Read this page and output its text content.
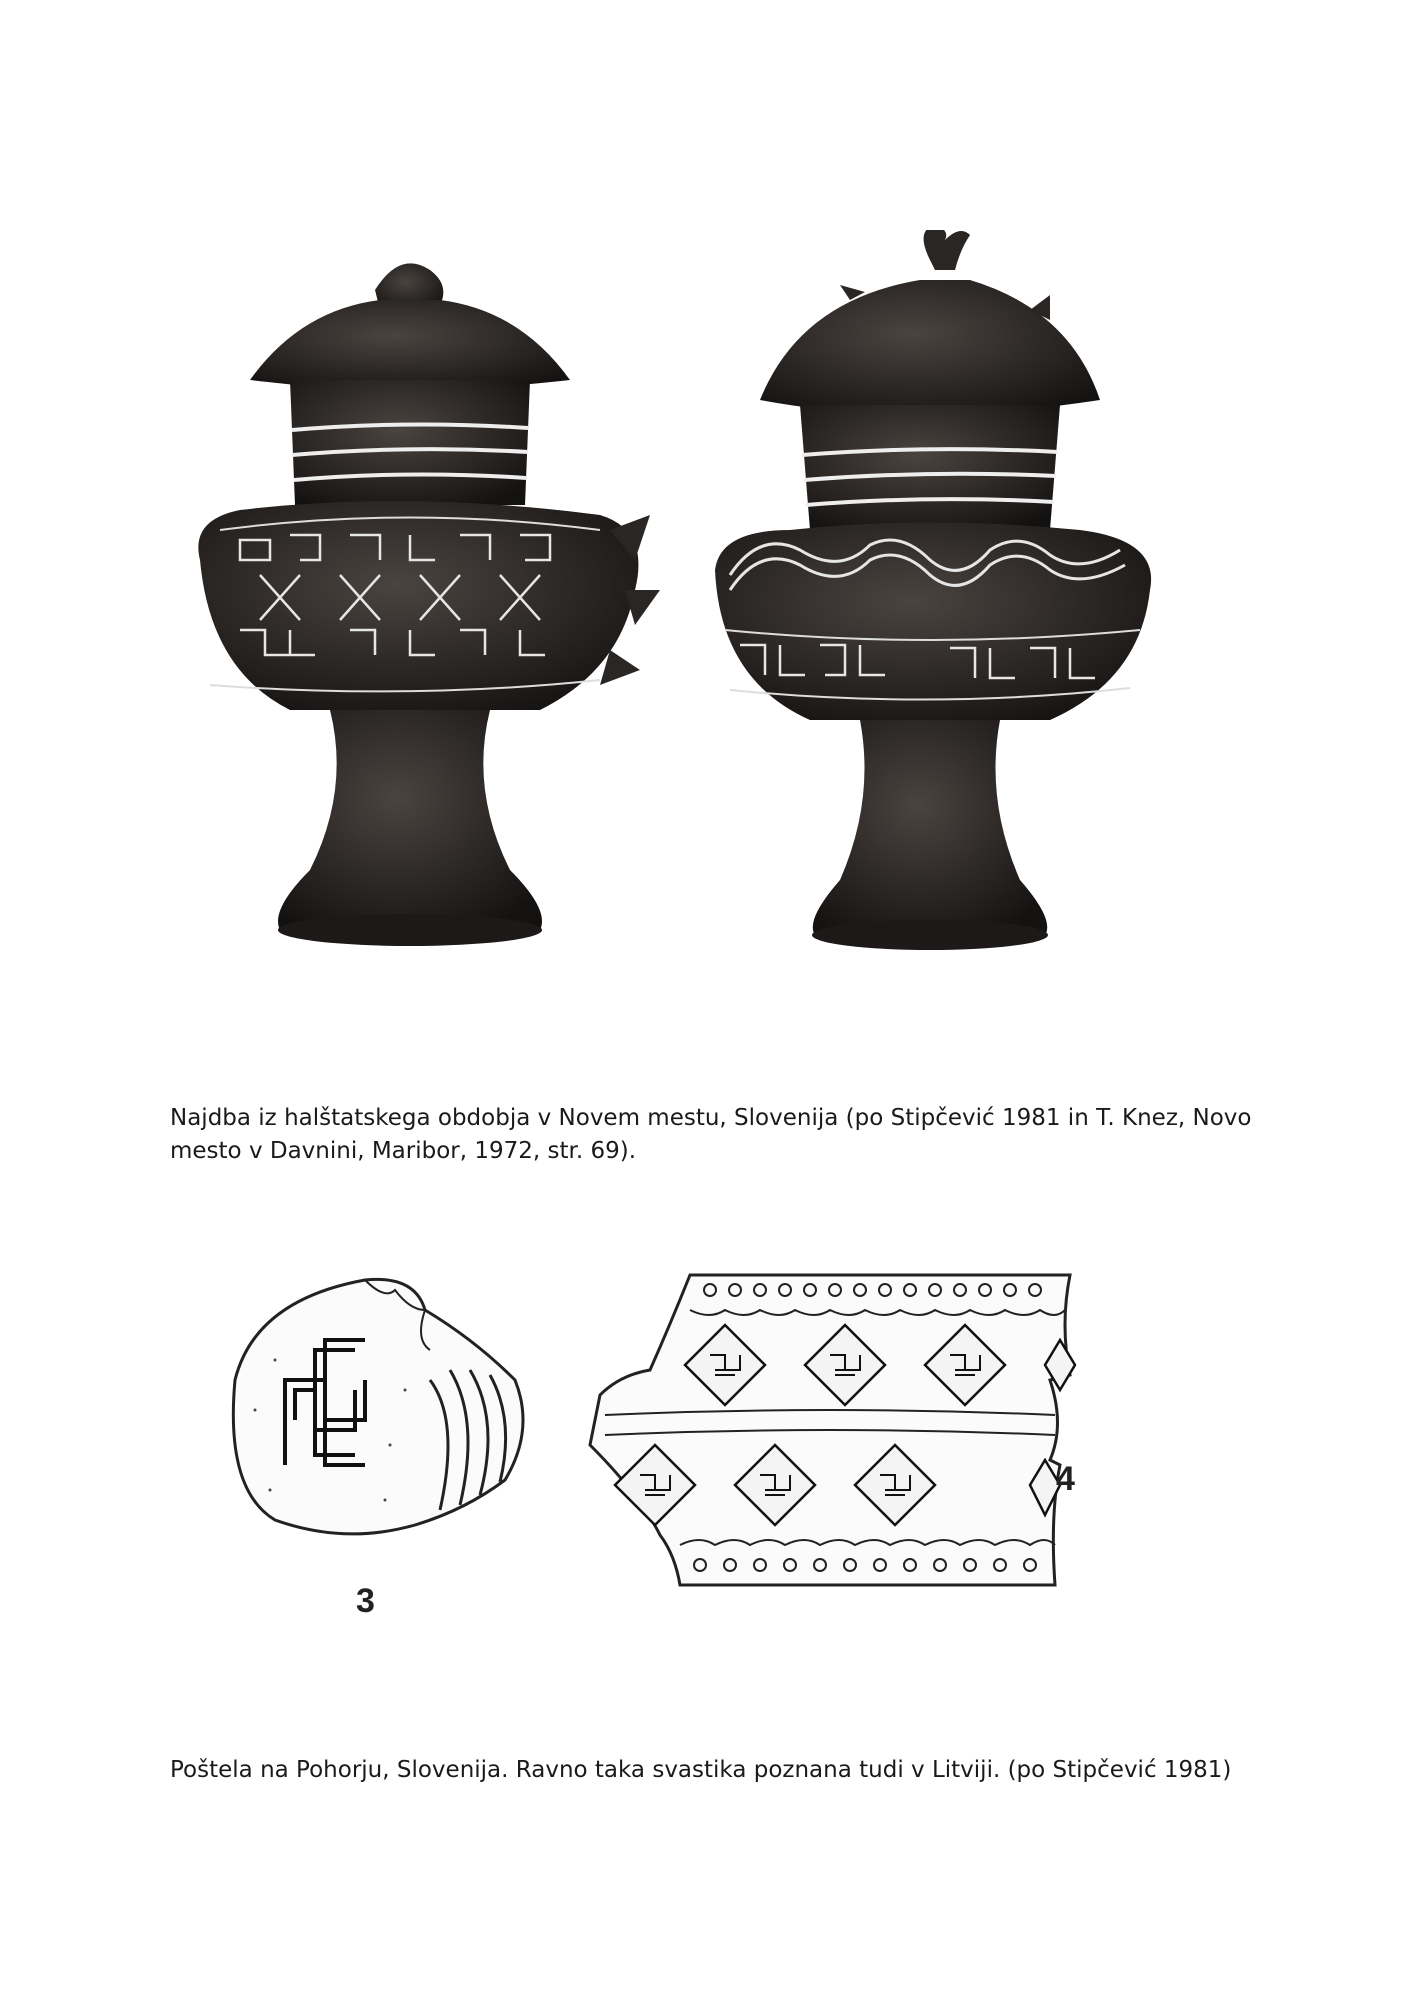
Najdba iz halštatskega obdobja v Novem mestu, Slovenija (po Stipčević 1981 in T. Knez, Novo mesto v Davnini, Maribor, 1972, str. 69).
3
4
Poštela na Pohorju, Slovenija. Ravno taka svastika poznana tudi v Litviji. (po Stipčević 1981)
